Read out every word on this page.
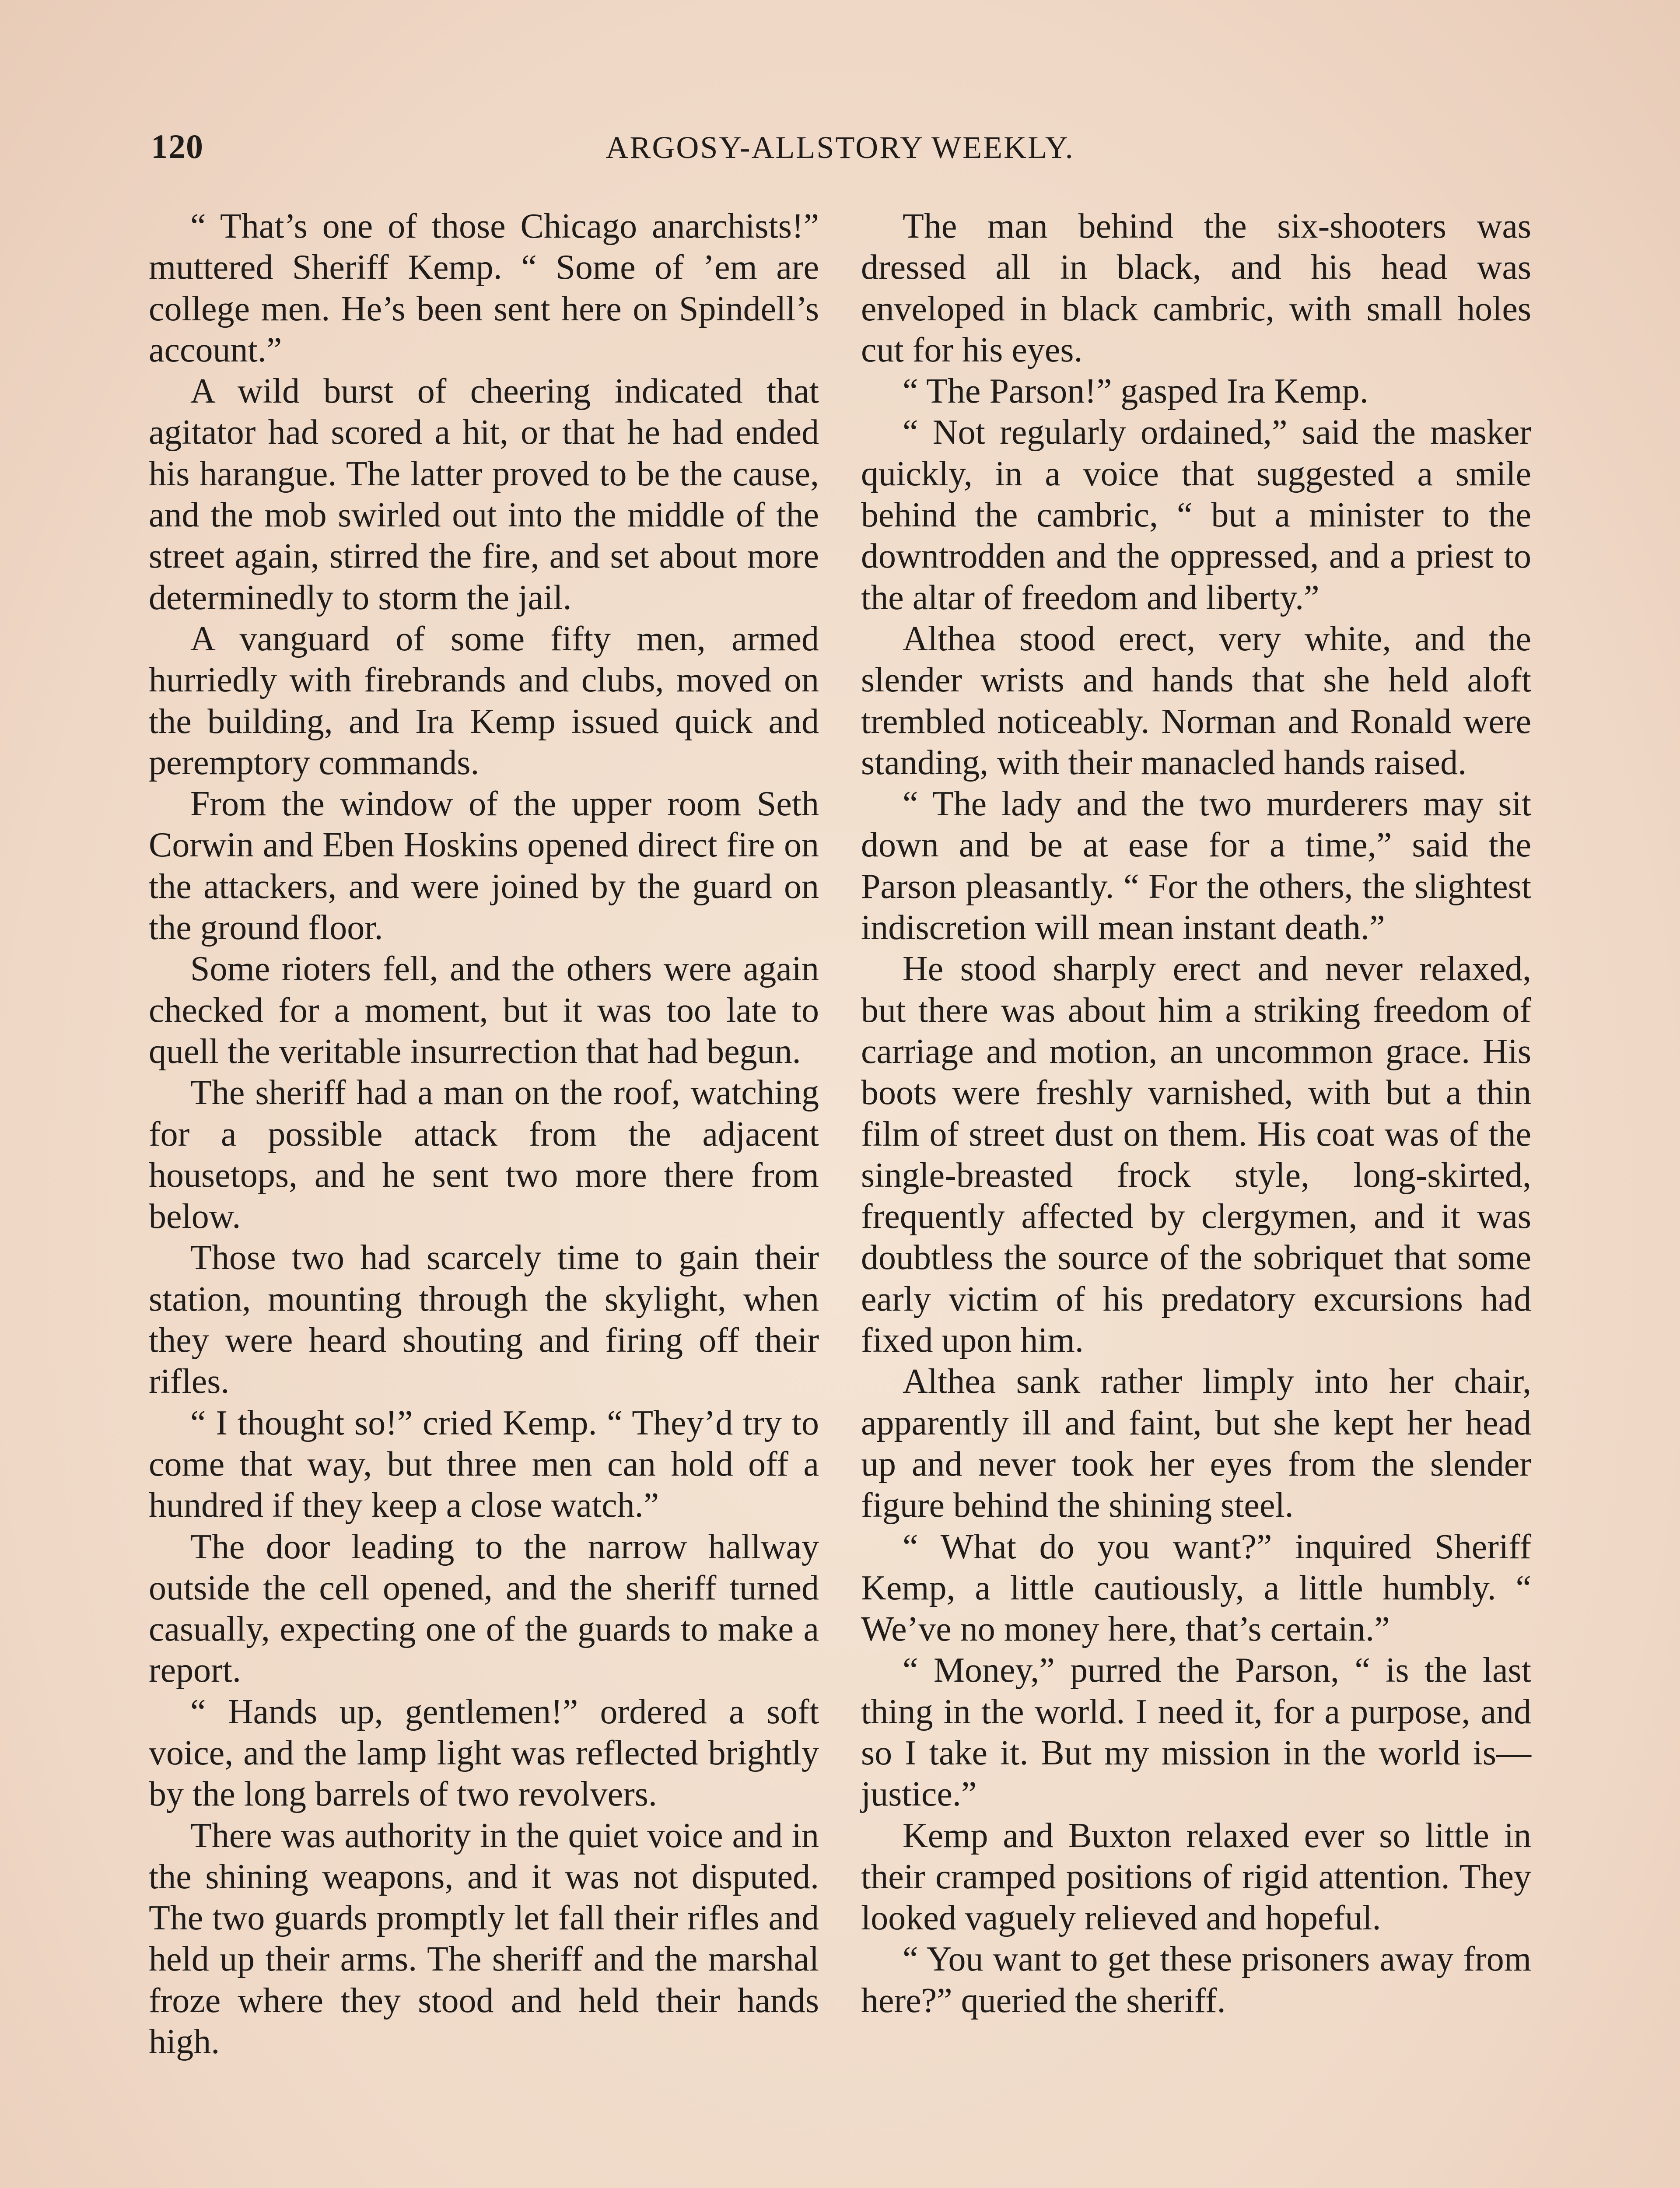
120	ARGOSY-ALLSTORY WEEKLY.

“ That’s one of those Chicago anarchists!” muttered Sheriff Kemp. “ Some of ’em are college men. He’s been sent here on Spindell’s account.”

A wild burst of cheering indicated that agitator had scored a hit, or that he had ended his harangue. The latter proved to be the cause, and the mob swirled out into the middle of the street again, stirred the fire, and set about more determinedly to storm the jail.

A vanguard of some fifty men, armed hurriedly with firebrands and clubs, moved on the building, and Ira Kemp issued quick and peremptory commands.

From the window of the upper room Seth Corwin and Eben Hoskins opened direct fire on the attackers, and were joined by the guard on the ground floor.

Some rioters fell, and the others were again checked for a moment, but it was too late to quell the veritable insurrection that had begun.

The sheriff had a man on the roof, watching for a possible attack from the adjacent housetops, and he sent two more there from below.

Those two had scarcely time to gain their station, mounting through the skylight, when they were heard shouting and firing off their rifles.

“ I thought so!” cried Kemp. “ They’d try to come that way, but three men can hold off a hundred if they keep a close watch.”

The door leading to the narrow hallway outside the cell opened, and the sheriff turned casually, expecting one of the guards to make a report.

“ Hands up, gentlemen!” ordered a soft voice, and the lamp light was reflected brightly by the long barrels of two revolvers.

There was authority in the quiet voice and in the shining weapons, and it was not disputed. The two guards promptly let fall their rifles and held up their arms. The sheriff and the marshal froze where they stood and held their hands high.

The man behind the six-shooters was dressed all in black, and his head was enveloped in black cambric, with small holes cut for his eyes.

“ The Parson!” gasped Ira Kemp.

“ Not regularly ordained,” said the masker quickly, in a voice that suggested a smile behind the cambric, “ but a minister to the downtrodden and the oppressed, and a priest to the altar of freedom and liberty.”

Althea stood erect, very white, and the slender wrists and hands that she held aloft trembled noticeably. Norman and Ronald were standing, with their manacled hands raised.

“ The lady and the two murderers may sit down and be at ease for a time,” said the Parson pleasantly. “ For the others, the slightest indiscretion will mean instant death.”

He stood sharply erect and never relaxed, but there was about him a striking freedom of carriage and motion, an uncommon grace. His boots were freshly varnished, with but a thin film of street dust on them. His coat was of the single-breasted frock style, long-skirted, frequently affected by clergymen, and it was doubtless the source of the sobriquet that some early victim of his predatory excursions had fixed upon him.

Althea sank rather limply into her chair, apparently ill and faint, but she kept her head up and never took her eyes from the slender figure behind the shining steel.

“ What do you want?” inquired Sheriff Kemp, a little cautiously, a little humbly. “ We’ve no money here, that’s certain.”

“ Money,” purred the Parson, “ is the last thing in the world. I need it, for a purpose, and so I take it. But my mission in the world is—justice.”

Kemp and Buxton relaxed ever so little in their cramped positions of rigid attention. They looked vaguely relieved and hopeful.

“ You want to get these prisoners away from here?” queried the sheriff.
